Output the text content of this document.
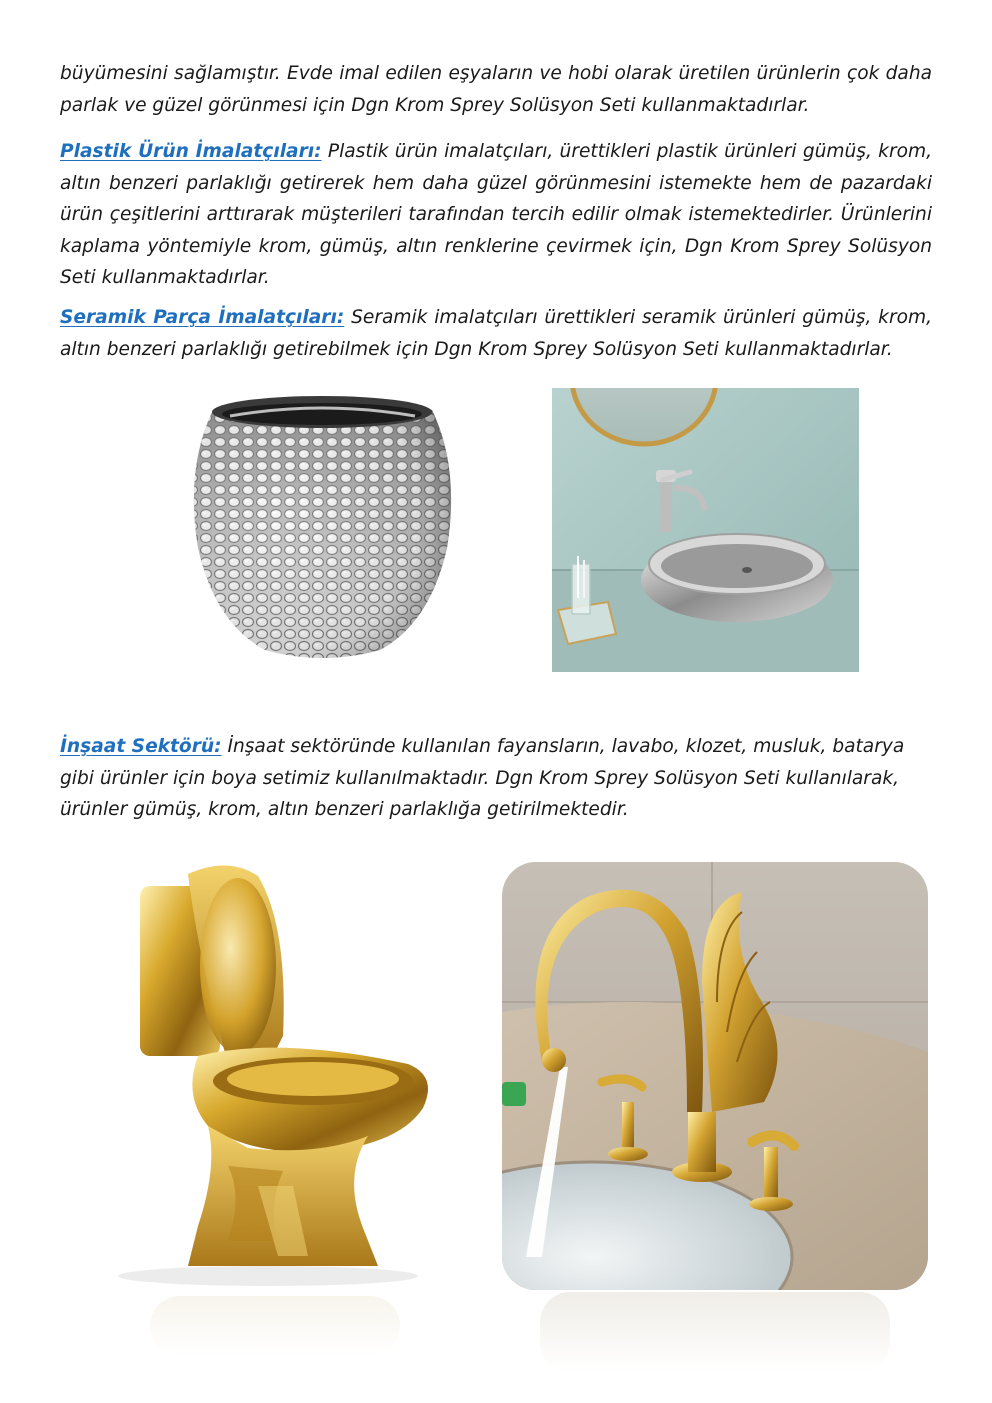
büyümesini sağlamıştır. Evde imal edilen eşyaların ve hobi olarak üretilen ürünlerin çok daha parlak ve güzel görünmesi için Dgn Krom Sprey Solüsyon Seti kullanmaktadırlar.

Plastik Ürün İmalatçıları: Plastik ürün imalatçıları, ürettikleri plastik ürünleri gümüş, krom, altın benzeri parlaklığı getirerek hem daha güzel görünmesini istemekte hem de pazardaki ürün çeşitlerini arttırarak müşterileri tarafından tercih edilir olmak istemektedirler. Ürünlerini kaplama yöntemiyle krom, gümüş, altın renklerine çevirmek için, Dgn Krom Sprey Solüsyon Seti kullanmaktadırlar.

Seramik Parça İmalatçıları: Seramik imalatçıları ürettikleri seramik ürünleri gümüş, krom, altın benzeri parlaklığı getirebilmek için Dgn Krom Sprey Solüsyon Seti kullanmaktadırlar.

İnşaat Sektörü: İnşaat sektöründe kullanılan fayansların, lavabo, klozet, musluk, batarya gibi ürünler için boya setimiz kullanılmaktadır. Dgn Krom Sprey Solüsyon Seti kullanılarak, ürünler gümüş, krom, altın benzeri parlaklığa getirilmektedir.
